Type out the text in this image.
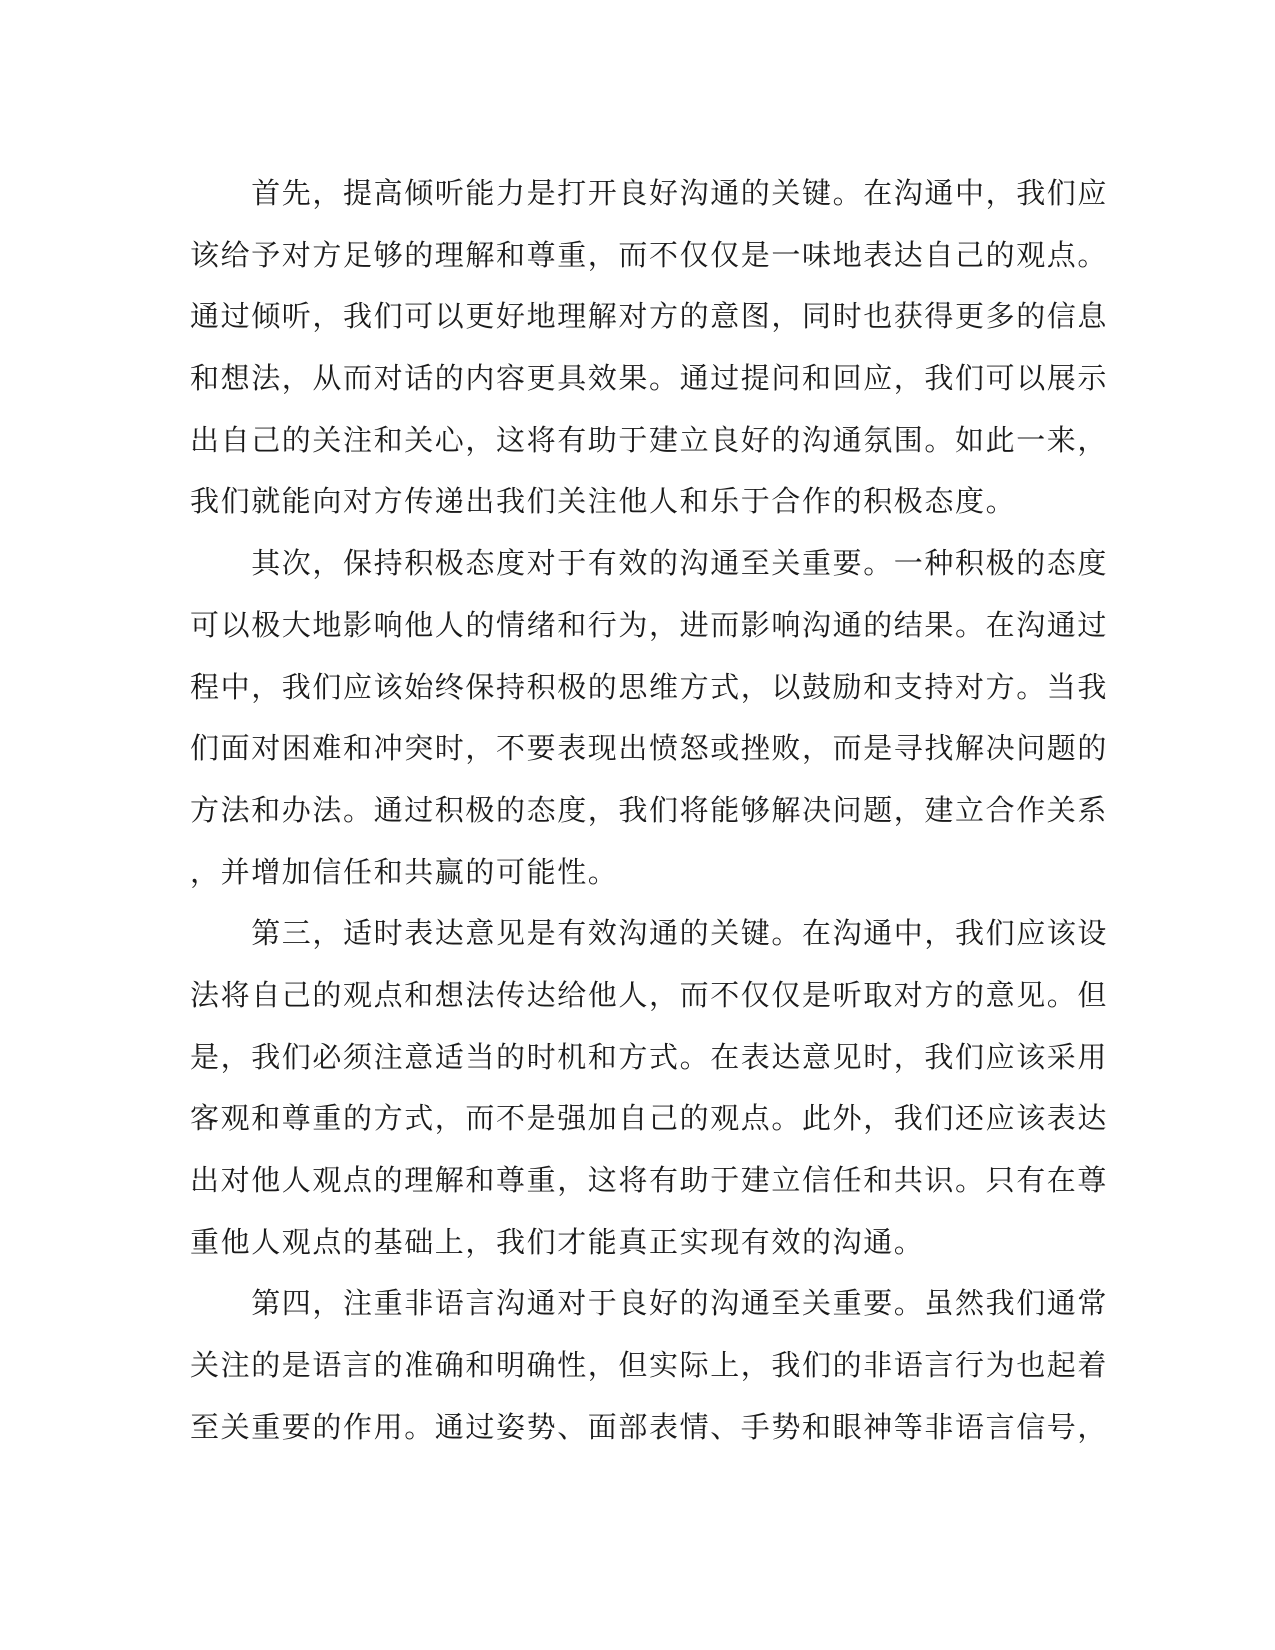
　　首先，提高倾听能力是打开良好沟通的关键。在沟通中，我们应
该给予对方足够的理解和尊重，而不仅仅是一味地表达自己的观点。
通过倾听，我们可以更好地理解对方的意图，同时也获得更多的信息
和想法，从而对话的内容更具效果。通过提问和回应，我们可以展示
出自己的关注和关心，这将有助于建立良好的沟通氛围。如此一来，
我们就能向对方传递出我们关注他人和乐于合作的积极态度。
　　其次，保持积极态度对于有效的沟通至关重要。一种积极的态度
可以极大地影响他人的情绪和行为，进而影响沟通的结果。在沟通过
程中，我们应该始终保持积极的思维方式，以鼓励和支持对方。当我
们面对困难和冲突时，不要表现出愤怒或挫败，而是寻找解决问题的
方法和办法。通过积极的态度，我们将能够解决问题，建立合作关系
，并增加信任和共赢的可能性。
　　第三，适时表达意见是有效沟通的关键。在沟通中，我们应该设
法将自己的观点和想法传达给他人，而不仅仅是听取对方的意见。但
是，我们必须注意适当的时机和方式。在表达意见时，我们应该采用
客观和尊重的方式，而不是强加自己的观点。此外，我们还应该表达
出对他人观点的理解和尊重，这将有助于建立信任和共识。只有在尊
重他人观点的基础上，我们才能真正实现有效的沟通。
　　第四，注重非语言沟通对于良好的沟通至关重要。虽然我们通常
关注的是语言的准确和明确性，但实际上，我们的非语言行为也起着
至关重要的作用。通过姿势、面部表情、手势和眼神等非语言信号，
